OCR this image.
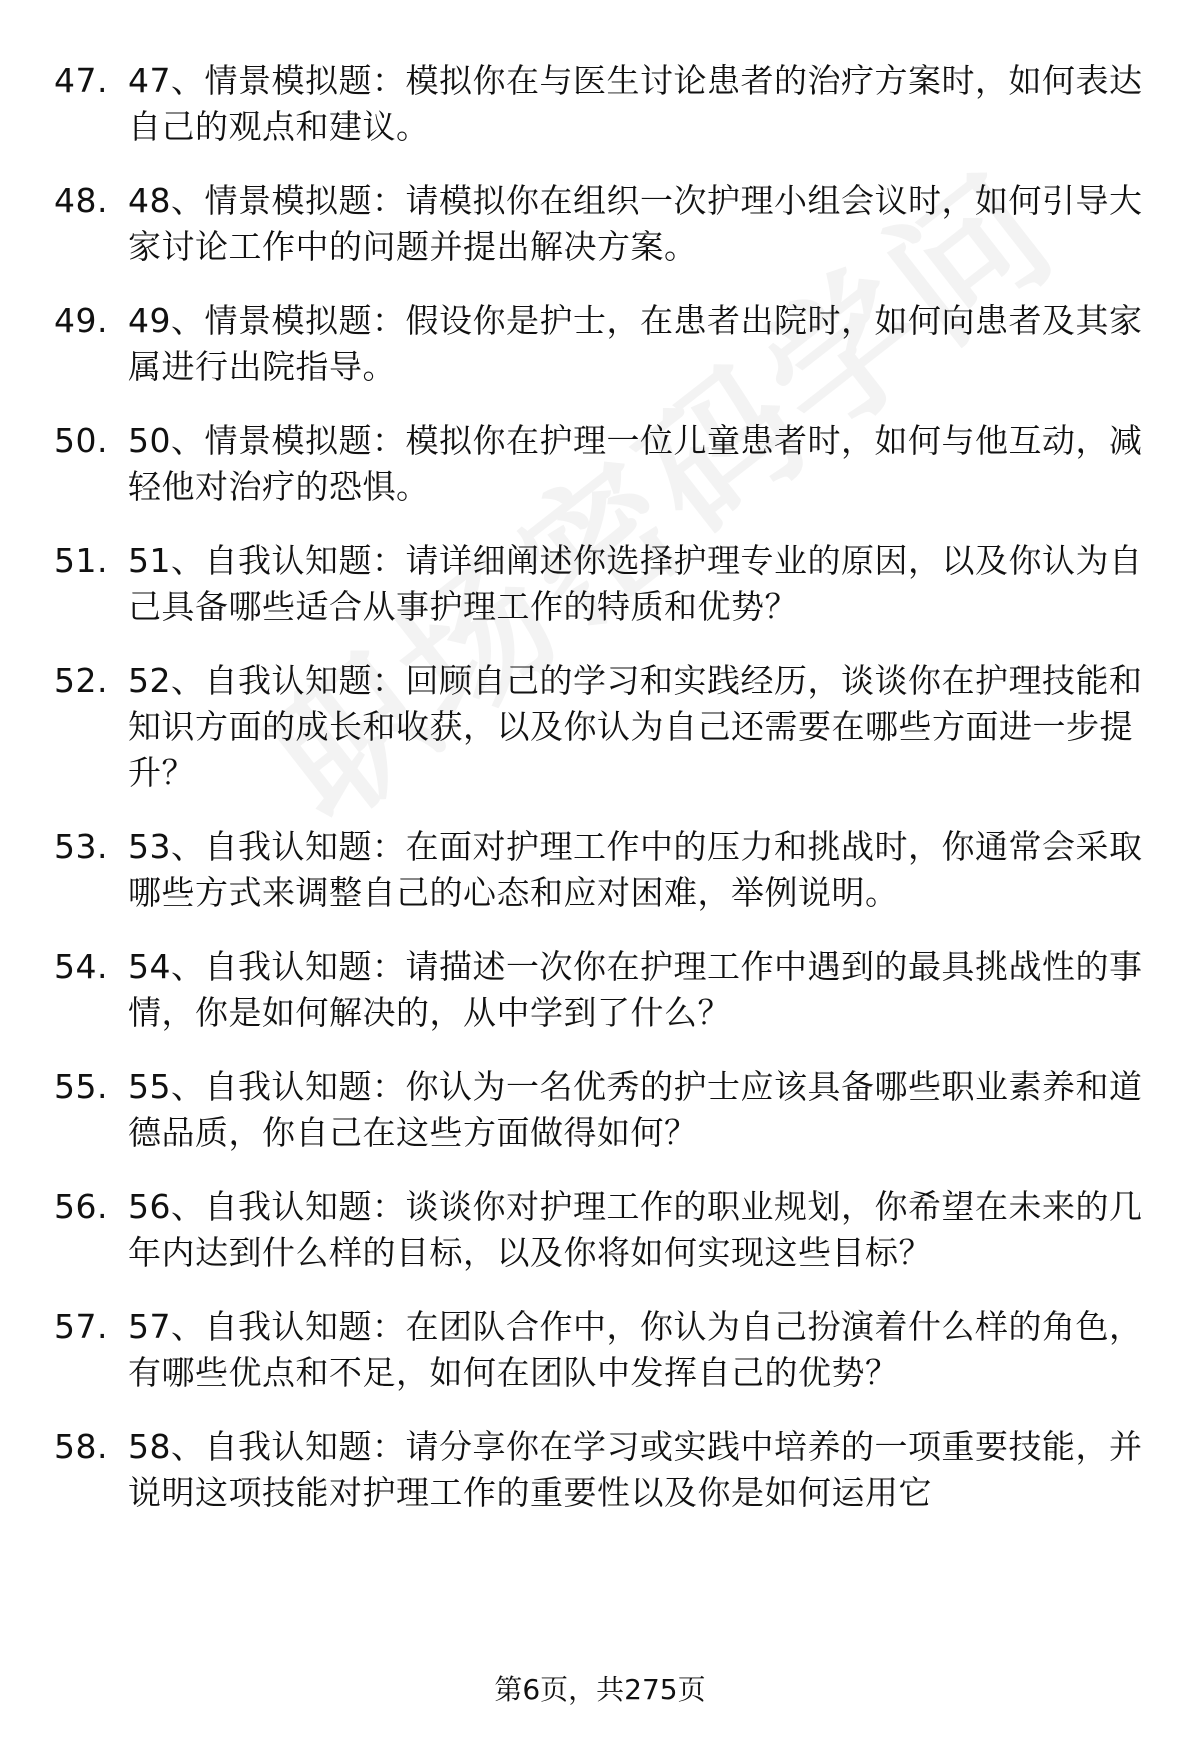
47. 47、情景模拟题：模拟你在与医生讨论患者的治疗方案时，如何表达自己的观点和建议。
48. 48、情景模拟题：请模拟你在组织一次护理小组会议时，如何引导大家讨论工作中的问题并提出解决方案。
49. 49、情景模拟题：假设你是护士，在患者出院时，如何向患者及其家属进行出院指导。
50. 50、情景模拟题：模拟你在护理一位儿童患者时，如何与他互动，减轻他对治疗的恐惧。
51. 51、自我认知题：请详细阐述你选择护理专业的原因，以及你认为自己具备哪些适合从事护理工作的特质和优势？
52. 52、自我认知题：回顾自己的学习和实践经历，谈谈你在护理技能和知识方面的成长和收获，以及你认为自己还需要在哪些方面进一步提升？
53. 53、自我认知题：在面对护理工作中的压力和挑战时，你通常会采取哪些方式来调整自己的心态和应对困难，举例说明。
54. 54、自我认知题：请描述一次你在护理工作中遇到的最具挑战性的事情，你是如何解决的，从中学到了什么？
55. 55、自我认知题：你认为一名优秀的护士应该具备哪些职业素养和道德品质，你自己在这些方面做得如何？
56. 56、自我认知题：谈谈你对护理工作的职业规划，你希望在未来的几年内达到什么样的目标，以及你将如何实现这些目标？
57. 57、自我认知题：在团队合作中，你认为自己扮演着什么样的角色，有哪些优点和不足，如何在团队中发挥自己的优势？
58. 58、自我认知题：请分享你在学习或实践中培养的一项重要技能，并说明这项技能对护理工作的重要性以及你是如何运用它
第6页，共275页
